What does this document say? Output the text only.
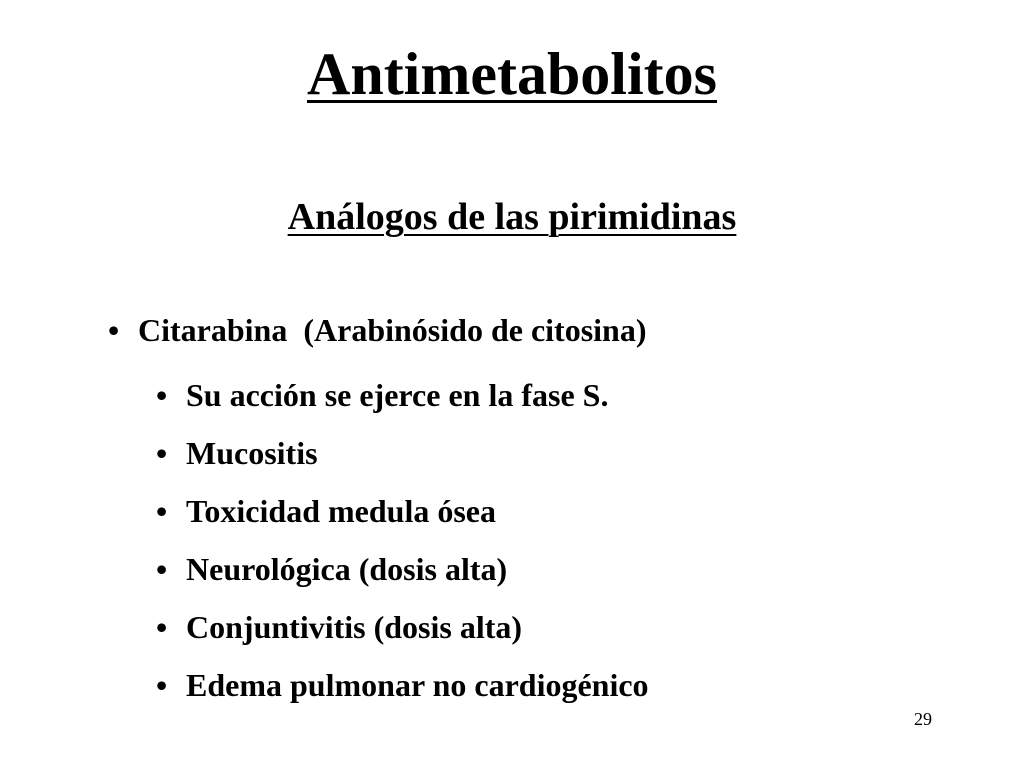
Antimetabolitos
Análogos de las pirimidinas
• Citarabina  (Arabinósido de citosina)
• Su acción se ejerce en la fase S.
• Mucositis
• Toxicidad medula ósea
• Neurológica (dosis alta)
• Conjuntivitis (dosis alta)
• Edema pulmonar no cardiogénico
29
